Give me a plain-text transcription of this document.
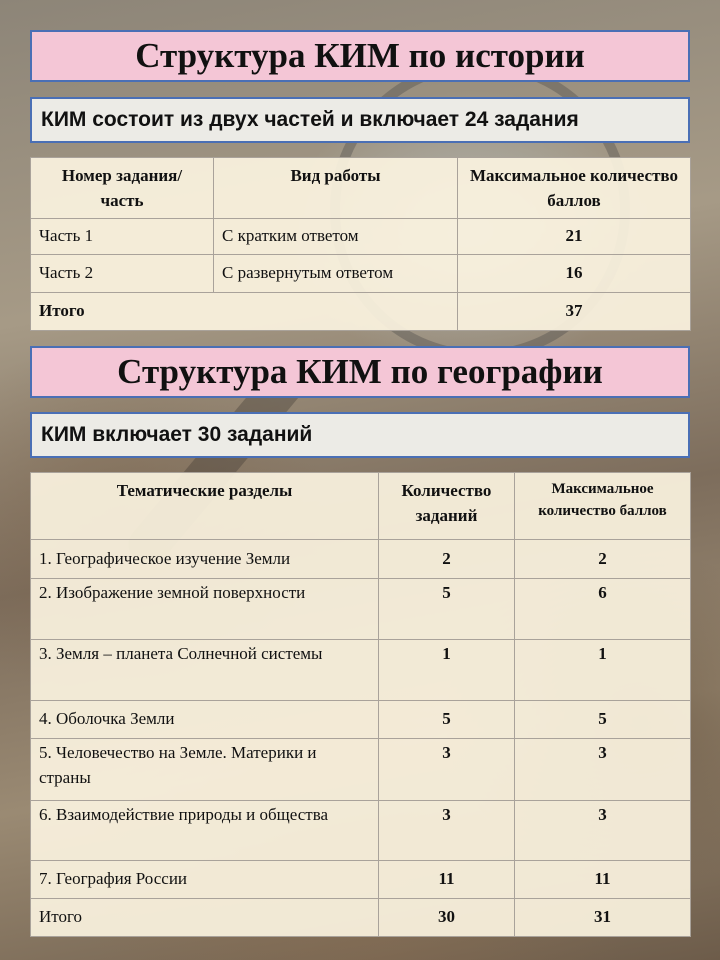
Структура КИМ по истории
КИМ состоит из двух частей и включает 24 задания
Номер задания/ часть	Вид работы	Максимальное количество баллов
Часть 1	С кратким ответом	21
Часть 2	С развернутым ответом	16
Итого		37
Структура КИМ по географии
КИМ включает 30 заданий
Тематические разделы	Количество заданий	Максимальное количество баллов
1. Географическое изучение Земли	2	2
2. Изображение земной поверхности	5	6
3. Земля – планета Солнечной системы	1	1
4. Оболочка Земли	5	5
5. Человечество на Земле. Материки и страны	3	3
6. Взаимодействие природы и общества	3	3
7. География России	11	11
Итого	30	31
